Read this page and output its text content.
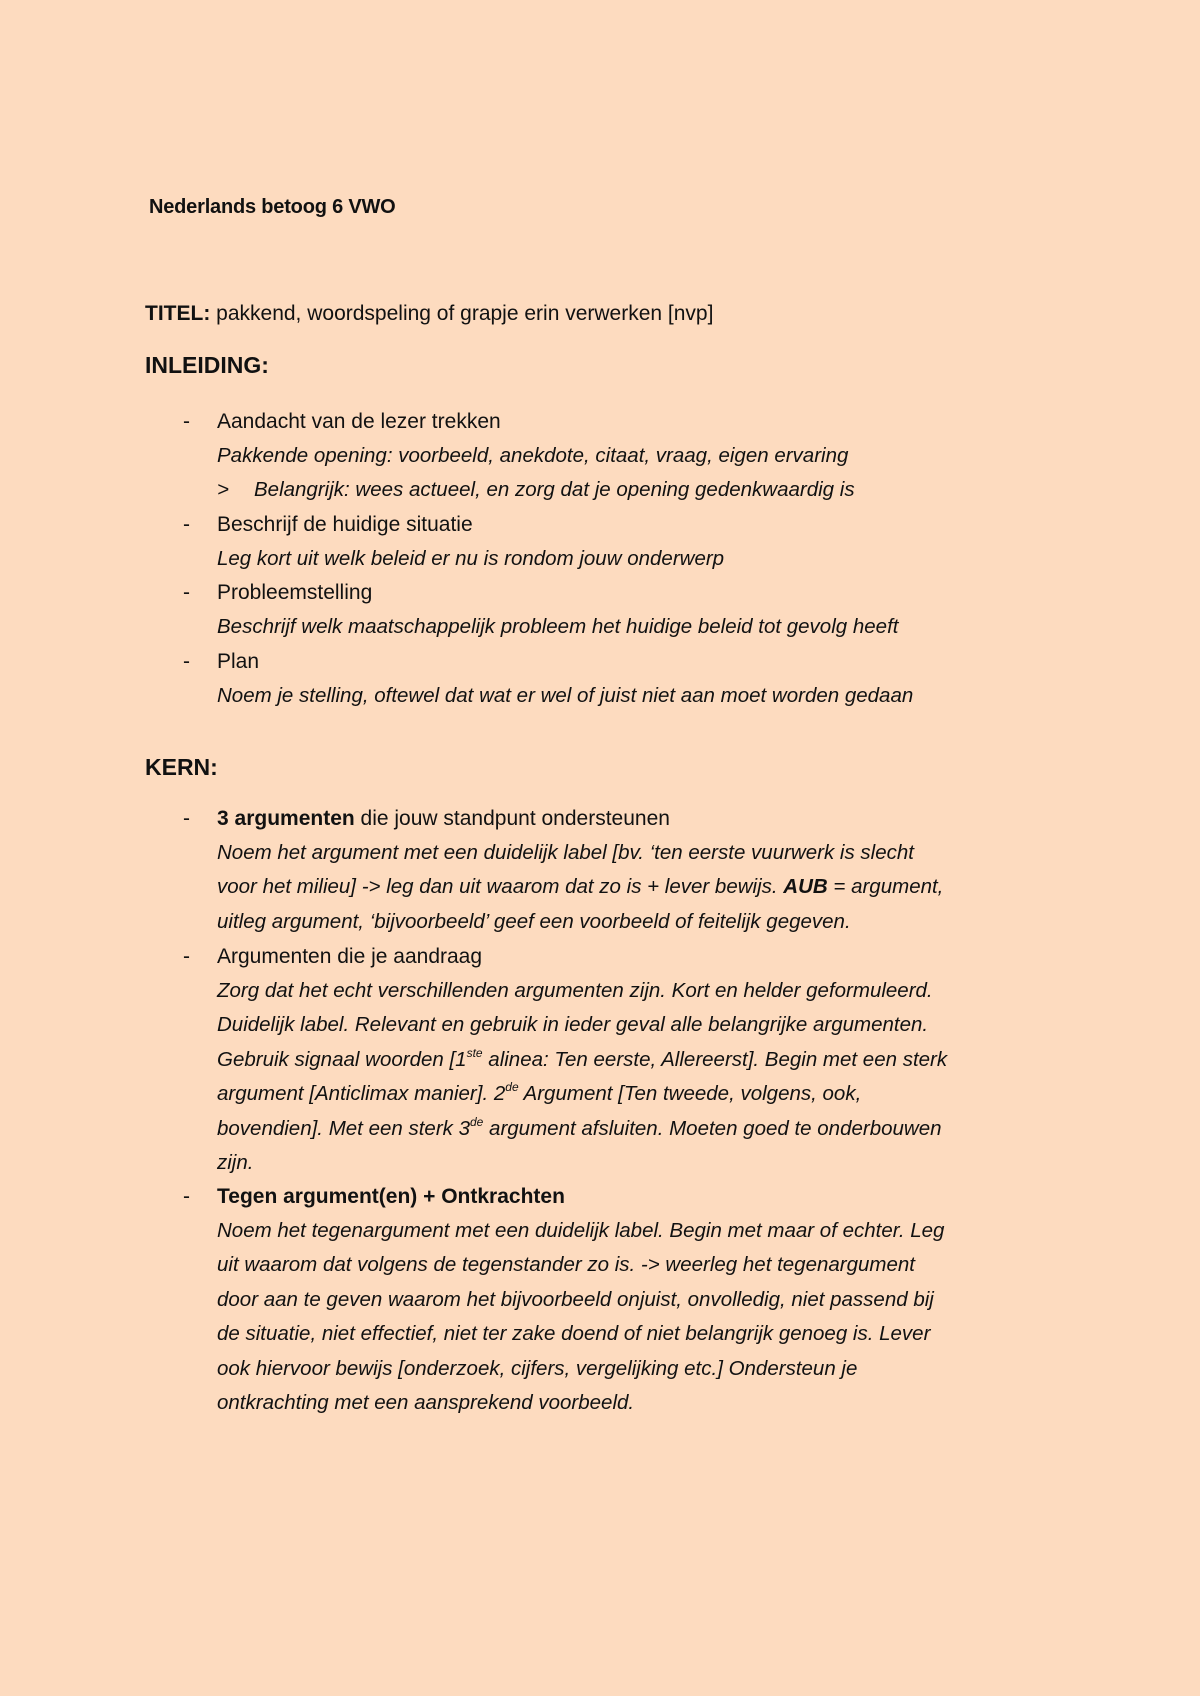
Nederlands betoog 6 VWO
TITEL: pakkend, woordspeling of grapje erin verwerken [nvp]
INLEIDING:
- Aandacht van de lezer trekken
Pakkende opening: voorbeeld, anekdote, citaat, vraag, eigen ervaring
> Belangrijk: wees actueel, en zorg dat je opening gedenkwaardig is
- Beschrijf de huidige situatie
Leg kort uit welk beleid er nu is rondom jouw onderwerp
- Probleemstelling
Beschrijf welk maatschappelijk probleem het huidige beleid tot gevolg heeft
- Plan
Noem je stelling, oftewel dat wat er wel of juist niet aan moet worden gedaan
KERN:
- 3 argumenten die jouw standpunt ondersteunen
Noem het argument met een duidelijk label [bv. ‘ten eerste vuurwerk is slecht
voor het milieu] -> leg dan uit waarom dat zo is + lever bewijs. AUB = argument,
uitleg argument, ‘bijvoorbeeld’ geef een voorbeeld of feitelijk gegeven.
- Argumenten die je aandraag
Zorg dat het echt verschillenden argumenten zijn. Kort en helder geformuleerd.
Duidelijk label. Relevant en gebruik in ieder geval alle belangrijke argumenten.
Gebruik signaal woorden [1ste alinea: Ten eerste, Allereerst]. Begin met een sterk
argument [Anticlimax manier]. 2de Argument [Ten tweede, volgens, ook,
bovendien]. Met een sterk 3de argument afsluiten. Moeten goed te onderbouwen
zijn.
- Tegen argument(en) + Ontkrachten
Noem het tegenargument met een duidelijk label. Begin met maar of echter. Leg
uit waarom dat volgens de tegenstander zo is. -> weerleg het tegenargument
door aan te geven waarom het bijvoorbeeld onjuist, onvolledig, niet passend bij
de situatie, niet effectief, niet ter zake doend of niet belangrijk genoeg is. Lever
ook hiervoor bewijs [onderzoek, cijfers, vergelijking etc.] Ondersteun je
ontkrachting met een aansprekend voorbeeld.
